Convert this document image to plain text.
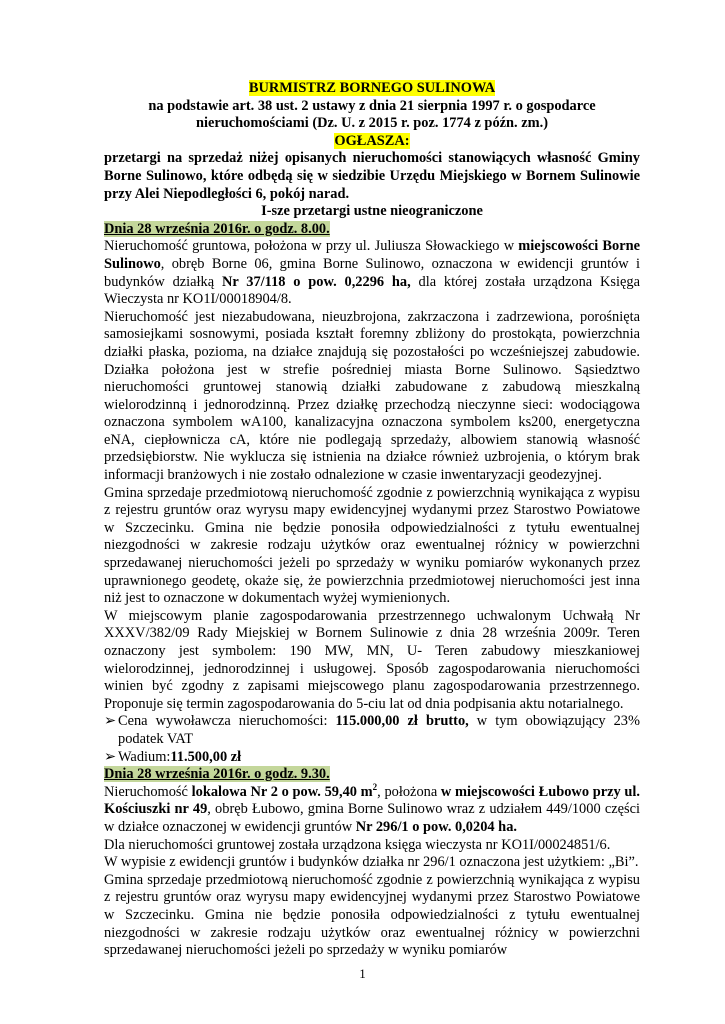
BURMISTRZ BORNEGO SULINOWA
na podstawie art. 38 ust. 2 ustawy z dnia 21 sierpnia 1997 r. o gospodarce
nieruchomościami (Dz. U. z 2015 r. poz. 1774 z późn. zm.)
OGŁASZA:

przetargi na sprzedaż niżej opisanych nieruchomości stanowiących własność Gminy Borne Sulinowo, które odbędą się w siedzibie Urzędu Miejskiego w Bornem Sulinowie przy Alei Niepodległości 6, pokój narad.

I-sze przetargi ustne nieograniczone
Dnia 28 września 2016r. o godz. 8.00.

Nieruchomość gruntowa, położona w przy ul. Juliusza Słowackiego w miejscowości Borne Sulinowo, obręb Borne 06, gmina Borne Sulinowo, oznaczona w ewidencji gruntów i budynków działką Nr 37/118 o pow. 0,2296 ha, dla której została urządzona Księga Wieczysta nr KO1I/00018904/8.

Nieruchomość jest niezabudowana, nieuzbrojona, zakrzaczona i zadrzewiona, porośnięta samosiejkami sosnowymi, posiada kształt foremny zbliżony do prostokąta, powierzchnia działki płaska, pozioma, na działce znajdują się pozostałości po wcześniejszej zabudowie. Działka położona jest w strefie pośredniej miasta Borne Sulinowo. Sąsiedztwo nieruchomości gruntowej stanowią działki zabudowane z zabudową mieszkalną wielorodzinną i jednorodzinną. Przez działkę przechodzą nieczynne sieci: wodociągowa oznaczona symbolem wA100, kanalizacyjna oznaczona symbolem ks200, energetyczna eNA, ciepłownicza cA, które nie podlegają sprzedaży, albowiem stanowią własność przedsiębiorstw. Nie wyklucza się istnienia na działce również uzbrojenia, o którym brak informacji branżowych i nie zostało odnalezione w czasie inwentaryzacji geodezyjnej.

Gmina sprzedaje przedmiotową nieruchomość zgodnie z powierzchnią wynikająca z wypisu z rejestru gruntów oraz wyrysu mapy ewidencyjnej wydanymi przez Starostwo Powiatowe w Szczecinku. Gmina nie będzie ponosiła odpowiedzialności z tytułu ewentualnej niezgodności w zakresie rodzaju użytków oraz ewentualnej różnicy w powierzchni sprzedawanej nieruchomości jeżeli po sprzedaży w wyniku pomiarów wykonanych przez uprawnionego geodetę, okaże się, że powierzchnia przedmiotowej nieruchomości jest inna niż jest to oznaczone w dokumentach wyżej wymienionych.

W miejscowym planie zagospodarowania przestrzennego uchwalonym Uchwałą Nr XXXV/382/09 Rady Miejskiej w Bornem Sulinowie z dnia 28 września 2009r. Teren oznaczony jest symbolem: 190 MW, MN, U- Teren zabudowy mieszkaniowej wielorodzinnej, jednorodzinnej i usługowej. Sposób zagospodarowania nieruchomości winien być zgodny z zapisami miejscowego planu zagospodarowania przestrzennego. Proponuje się termin zagospodarowania do 5-ciu lat od dnia podpisania aktu notarialnego.

➢ Cena wywoławcza nieruchomości: 115.000,00 zł brutto, w tym obowiązujący 23% podatek VAT
➢ Wadium:11.500,00 zł
Dnia 28 września 2016r. o godz. 9.30.

Nieruchomość lokalowa Nr 2 o pow. 59,40 $m^2$, położona w miejscowości Łubowo przy ul. Kościuszki nr 49, obręb Łubowo, gmina Borne Sulinowo wraz z udziałem 449/1000 części w działce oznaczonej w ewidencji gruntów Nr 296/1 o pow. 0,0204 ha.

Dla nieruchomości gruntowej została urządzona księga wieczysta nr KO1I/00024851/6.

W wypisie z ewidencji gruntów i budynków działka nr 296/1 oznaczona jest użytkiem: „Bi”.

Gmina sprzedaje przedmiotową nieruchomość zgodnie z powierzchnią wynikająca z wypisu z rejestru gruntów oraz wyrysu mapy ewidencyjnej wydanymi przez Starostwo Powiatowe w Szczecinku. Gmina nie będzie ponosiła odpowiedzialności z tytułu ewentualnej niezgodności w zakresie rodzaju użytków oraz ewentualnej różnicy w powierzchni sprzedawanej nieruchomości jeżeli po sprzedaży w wyniku pomiarów

1
